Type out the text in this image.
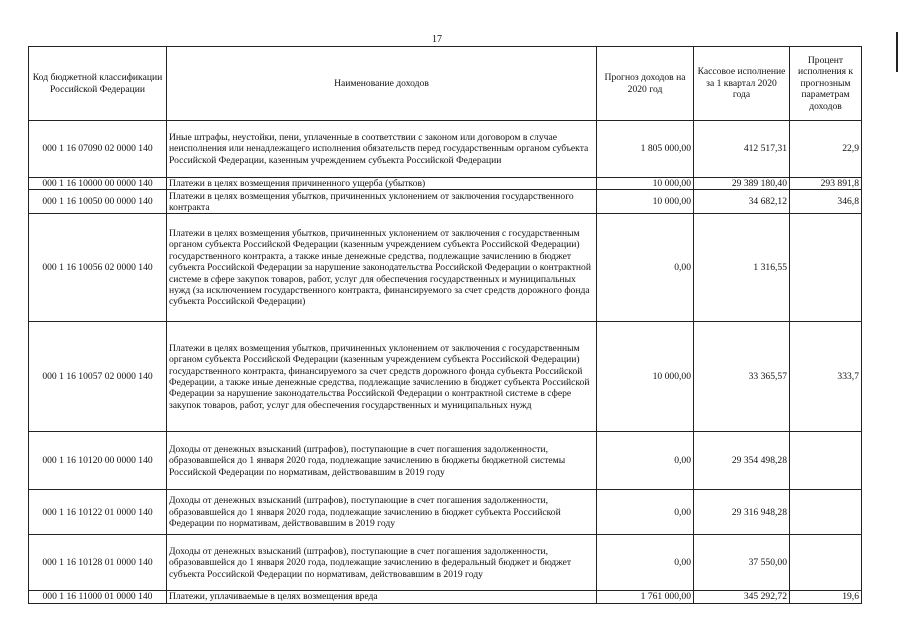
17
Код бюджетной классификации Российской Федерации	Наименование доходов	Прогноз доходов на 2020 год	Кассовое исполнение за 1 квартал 2020 года	Процент исполнения к прогнозным параметрам доходов
000 1 16 07090 02 0000 140	Иные штрафы, неустойки, пени, уплаченные в соответствии с законом или договором в случае неисполнения или ненадлежащего исполнения обязательств перед государственным органом субъекта Российской Федерации, казенным учреждением субъекта Российской Федерации	1 805 000,00	412 517,31	22,9
000 1 16 10000 00 0000 140	Платежи в целях возмещения причиненного ущерба (убытков)	10 000,00	29 389 180,40	293 891,8
000 1 16 10050 00 0000 140	Платежи в целях возмещения убытков, причиненных уклонением от заключения государственного контракта	10 000,00	34 682,12	346,8
000 1 16 10056 02 0000 140	Платежи в целях возмещения убытков, причиненных уклонением от заключения с государственным органом субъекта Российской Федерации (казенным учреждением субъекта Российской Федерации) государственного контракта, а также иные денежные средства, подлежащие зачислению в бюджет субъекта Российской Федерации за нарушение законодательства Российской Федерации о контрактной системе в сфере закупок товаров, работ, услуг для обеспечения государственных и муниципальных нужд (за исключением государственного контракта, финансируемого за счет средств дорожного фонда субъекта Российской Федерации)	0,00	1 316,55	
000 1 16 10057 02 0000 140	Платежи в целях возмещения убытков, причиненных уклонением от заключения с государственным органом субъекта Российской Федерации (казенным учреждением субъекта Российской Федерации) государственного контракта, финансируемого за счет средств дорожного фонда субъекта Российской Федерации, а также иные денежные средства, подлежащие зачислению в бюджет субъекта Российской Федерации за нарушение законодательства Российской Федерации о контрактной системе в сфере закупок товаров, работ, услуг для обеспечения государственных и муниципальных нужд	10 000,00	33 365,57	333,7
000 1 16 10120 00 0000 140	Доходы от денежных взысканий (штрафов), поступающие в счет погашения задолженности, образовавшейся до 1 января 2020 года, подлежащие зачислению в бюджеты бюджетной системы Российской Федерации по нормативам, действовавшим в 2019 году	0,00	29 354 498,28	
000 1 16 10122 01 0000 140	Доходы от денежных взысканий (штрафов), поступающие в счет погашения задолженности, образовавшейся до 1 января 2020 года, подлежащие зачислению в бюджет субъекта Российской Федерации по нормативам, действовавшим в 2019 году	0,00	29 316 948,28	
000 1 16 10128 01 0000 140	Доходы от денежных взысканий (штрафов), поступающие в счет погашения задолженности, образовавшейся до 1 января 2020 года, подлежащие зачислению в федеральный бюджет и бюджет субъекта Российской Федерации по нормативам, действовавшим в 2019 году	0,00	37 550,00	
000 1 16 11000 01 0000 140	Платежи, уплачиваемые в целях возмещения вреда	1 761 000,00	345 292,72	19,6
